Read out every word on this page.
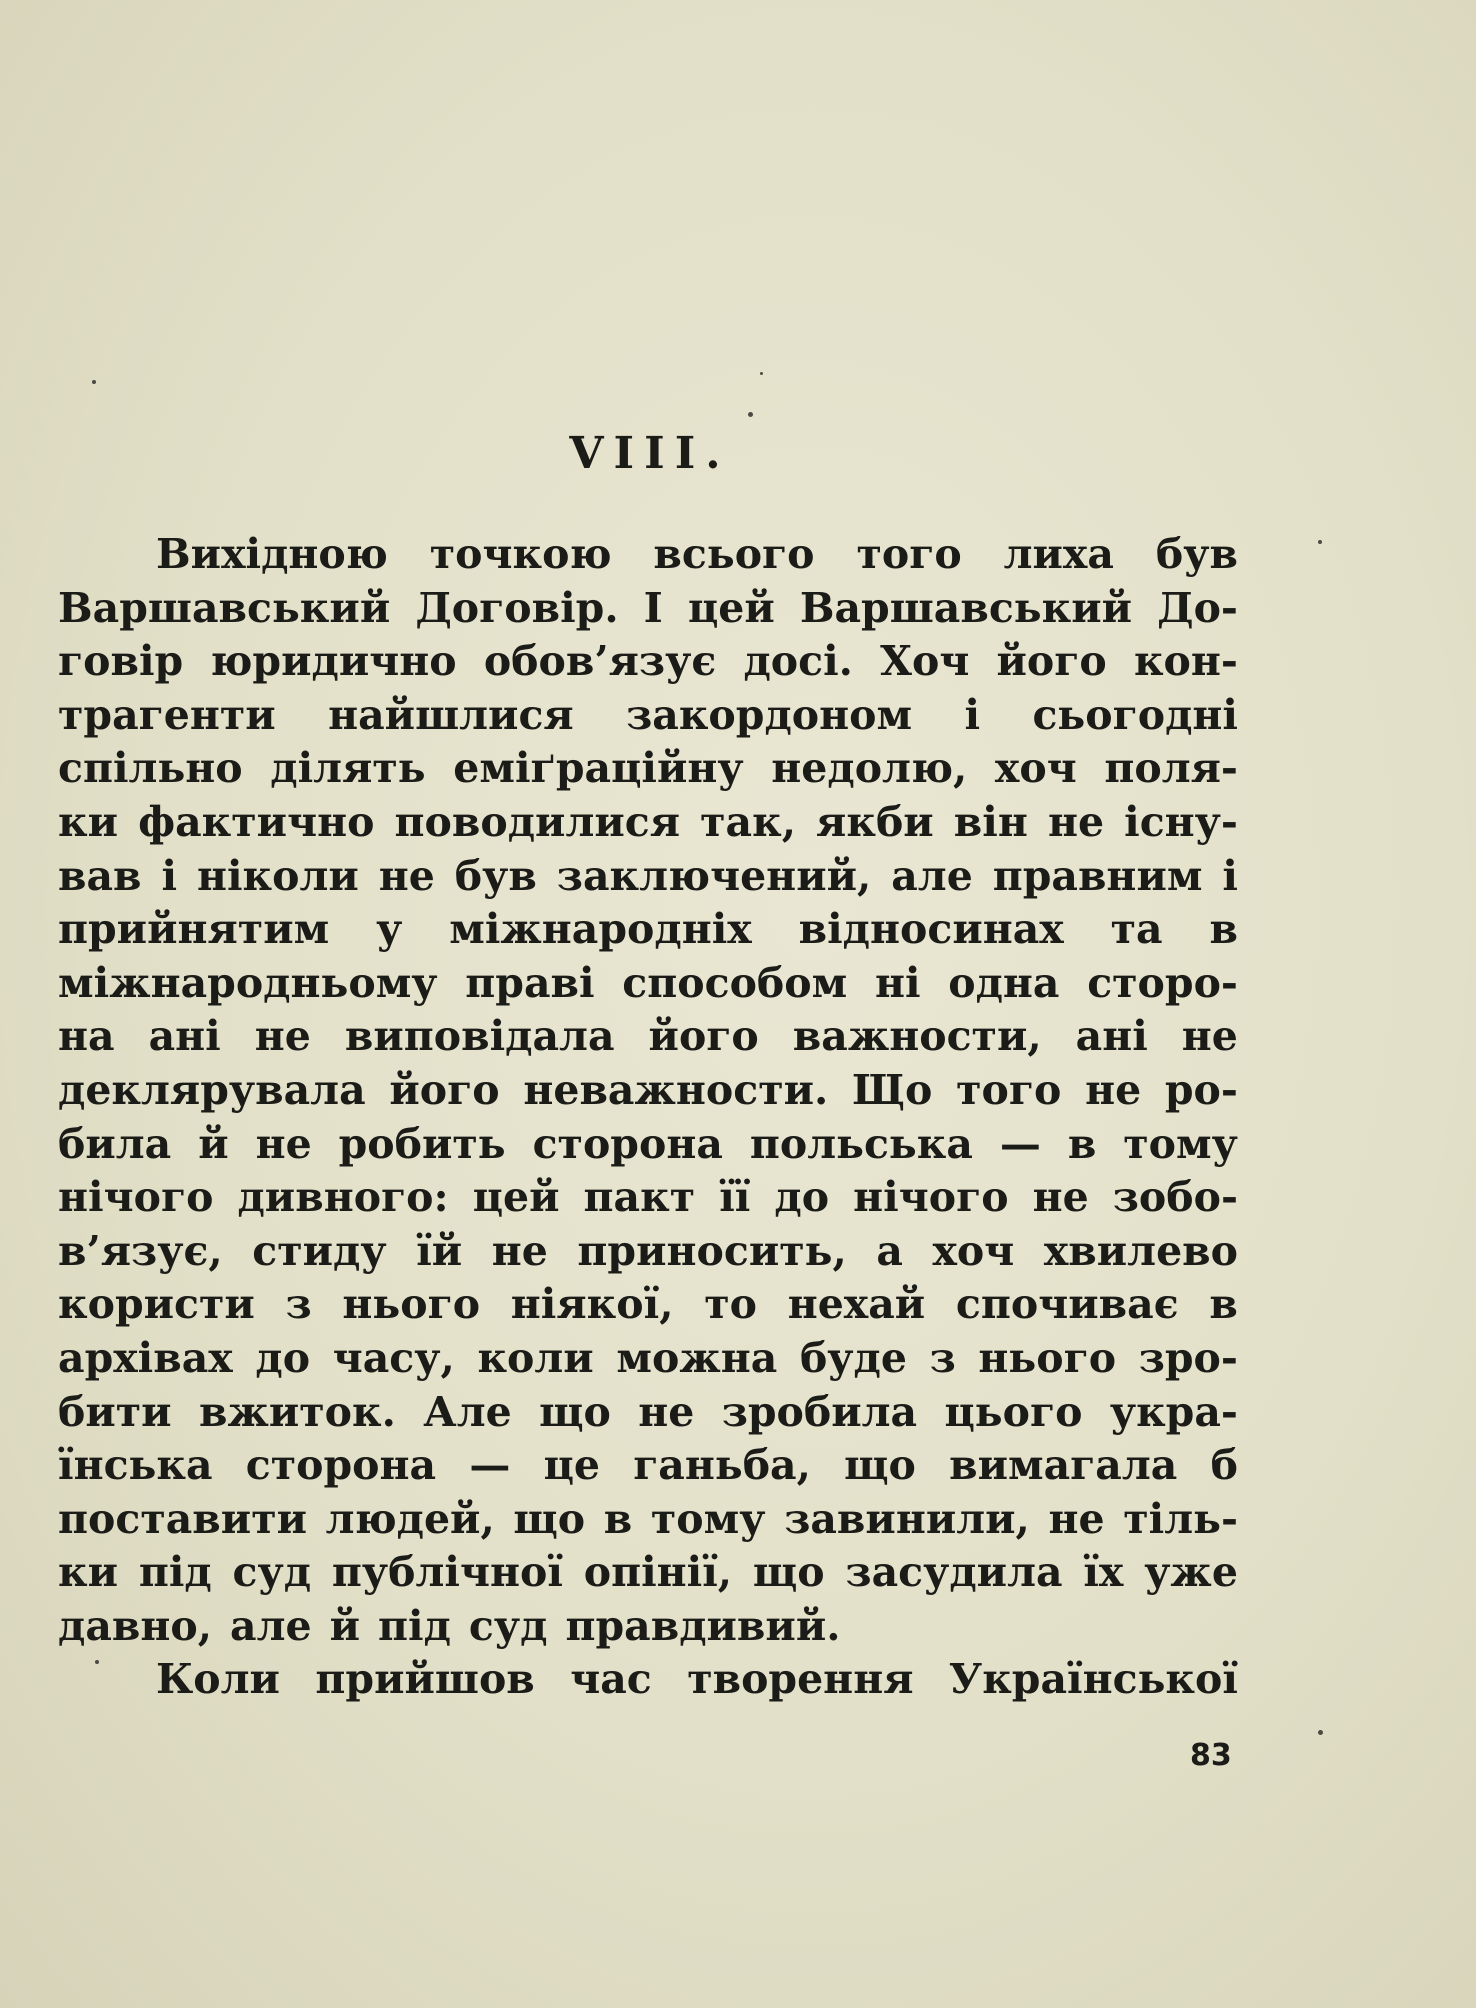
VIII.
Вихідною точкою всього того лиха був
Варшавський Договір. І цей Варшавський До-
говір юридично обов’язує досі. Хоч його кон-
трагенти найшлися закордоном і сьогодні
спільно ділять еміґраційну недолю, хоч поля-
ки фактично поводилися так, якби він не існу-
вав і ніколи не був заключений, але правним і
прийнятим у міжнародніх відносинах та в
міжнародньому праві способом ні одна сторо-
на ані не виповідала його важности, ані не
деклярувала його неважности. Що того не ро-
била й не робить сторона польська — в тому
нічого дивного: цей пакт її до нічого не зобо-
в’язує, стиду їй не приносить, а хоч хвилево
користи з нього ніякої, то нехай спочиває в
архівах до часу, коли можна буде з нього зро-
бити вжиток. Але що не зробила цього укра-
їнська сторона — це ганьба, що вимагала б
поставити людей, що в тому завинили, не тіль-
ки під суд публічної опінії, що засудила їх уже
давно, але й під суд правдивий.
Коли прийшов час творення Української
83
